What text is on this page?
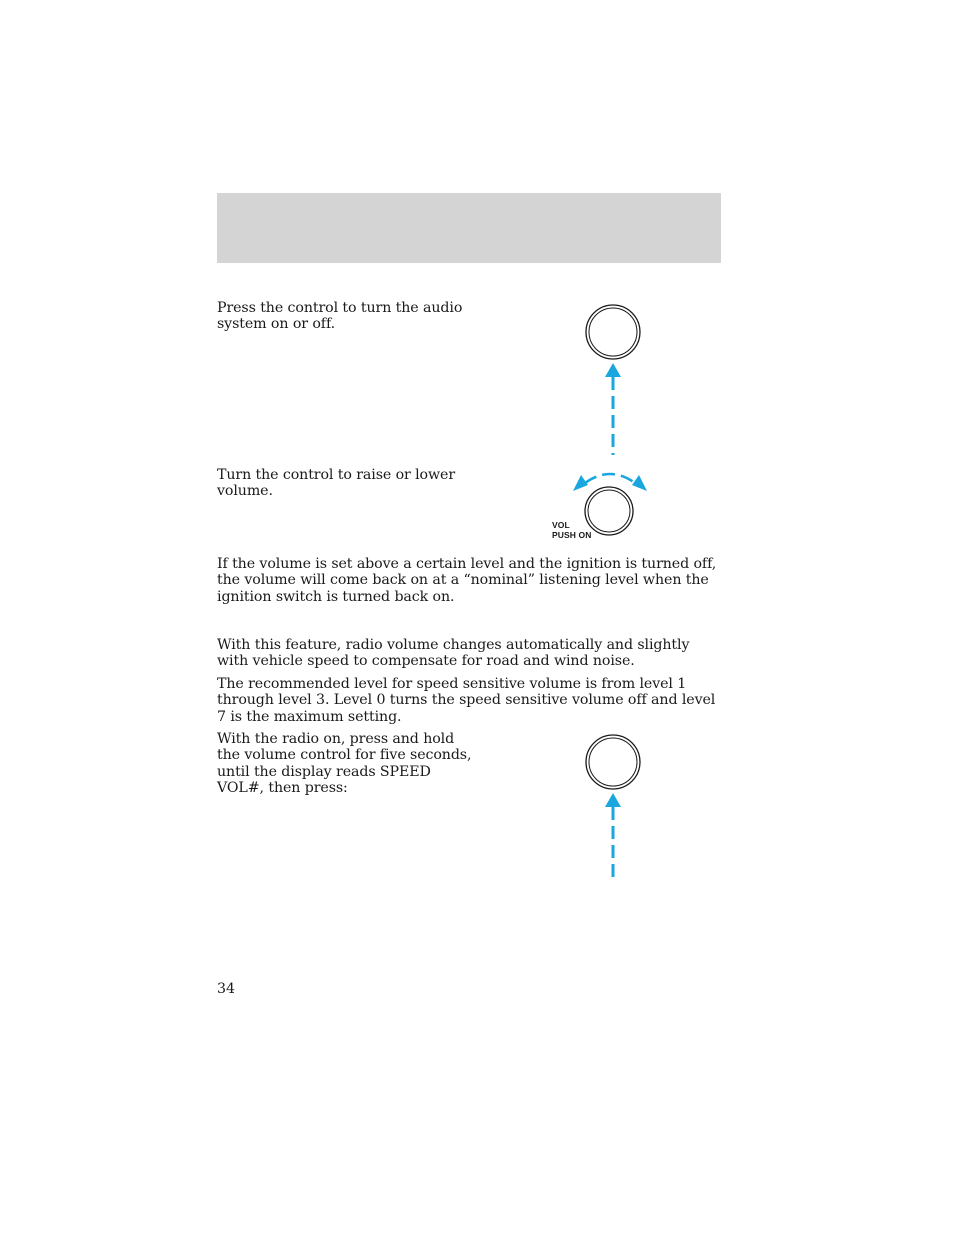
Press the control to turn the audio system on or off.

Turn the control to raise or lower volume.

VOL
PUSH ON

If the volume is set above a certain level and the ignition is turned off, the volume will come back on at a “nominal” listening level when the ignition switch is turned back on.

With this feature, radio volume changes automatically and slightly with vehicle speed to compensate for road and wind noise.

The recommended level for speed sensitive volume is from level 1 through level 3. Level 0 turns the speed sensitive volume off and level 7 is the maximum setting.

With the radio on, press and hold the volume control for five seconds, until the display reads SPEED VOL#, then press:

34
